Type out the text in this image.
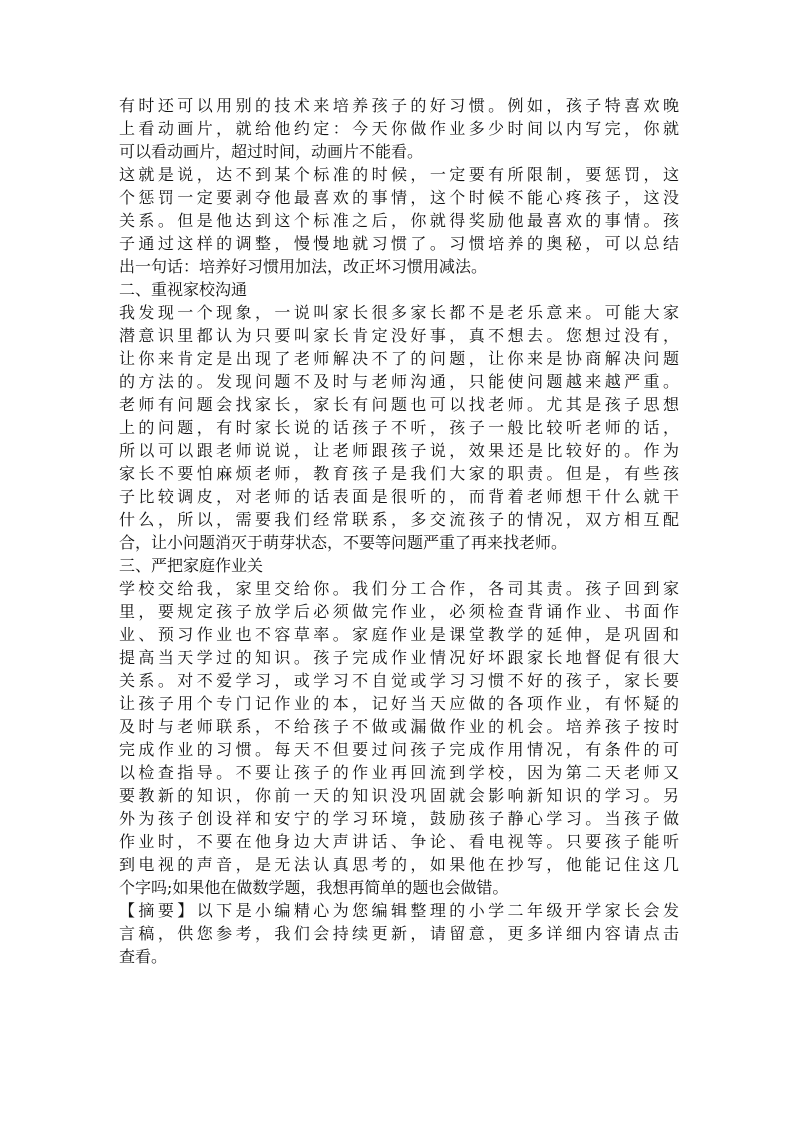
有时还可以用别的技术来培养孩子的好习惯。例如，孩子特喜欢晚
上看动画片，就给他约定：今天你做作业多少时间以内写完，你就
可以看动画片，超过时间，动画片不能看。
这就是说，达不到某个标准的时候，一定要有所限制，要惩罚，这
个惩罚一定要剥夺他最喜欢的事情，这个时候不能心疼孩子，这没
关系。但是他达到这个标准之后，你就得奖励他最喜欢的事情。孩
子通过这样的调整，慢慢地就习惯了。习惯培养的奥秘，可以总结
出一句话：培养好习惯用加法，改正坏习惯用减法。
二、重视家校沟通
我发现一个现象，一说叫家长很多家长都不是老乐意来。可能大家
潜意识里都认为只要叫家长肯定没好事，真不想去。您想过没有，
让你来肯定是出现了老师解决不了的问题，让你来是协商解决问题
的方法的。发现问题不及时与老师沟通，只能使问题越来越严重。
老师有问题会找家长，家长有问题也可以找老师。尤其是孩子思想
上的问题，有时家长说的话孩子不听，孩子一般比较听老师的话，
所以可以跟老师说说，让老师跟孩子说，效果还是比较好的。作为
家长不要怕麻烦老师，教育孩子是我们大家的职责。但是，有些孩
子比较调皮，对老师的话表面是很听的，而背着老师想干什么就干
什么，所以，需要我们经常联系，多交流孩子的情况，双方相互配
合，让小问题消灭于萌芽状态，不要等问题严重了再来找老师。
三、严把家庭作业关
学校交给我，家里交给你。我们分工合作，各司其责。孩子回到家
里，要规定孩子放学后必须做完作业，必须检查背诵作业、书面作
业、预习作业也不容草率。家庭作业是课堂教学的延伸，是巩固和
提高当天学过的知识。孩子完成作业情况好坏跟家长地督促有很大
关系。对不爱学习，或学习不自觉或学习习惯不好的孩子，家长要
让孩子用个专门记作业的本，记好当天应做的各项作业，有怀疑的
及时与老师联系，不给孩子不做或漏做作业的机会。培养孩子按时
完成作业的习惯。每天不但要过问孩子完成作用情况，有条件的可
以检查指导。不要让孩子的作业再回流到学校，因为第二天老师又
要教新的知识，你前一天的知识没巩固就会影响新知识的学习。另
外为孩子创设祥和安宁的学习环境，鼓励孩子静心学习。当孩子做
作业时，不要在他身边大声讲话、争论、看电视等。只要孩子能听
到电视的声音，是无法认真思考的，如果他在抄写，他能记住这几
个字吗;如果他在做数学题，我想再简单的题也会做错。
【摘要】以下是小编精心为您编辑整理的小学二年级开学家长会发
言稿，供您参考，我们会持续更新，请留意，更多详细内容请点击
查看。
